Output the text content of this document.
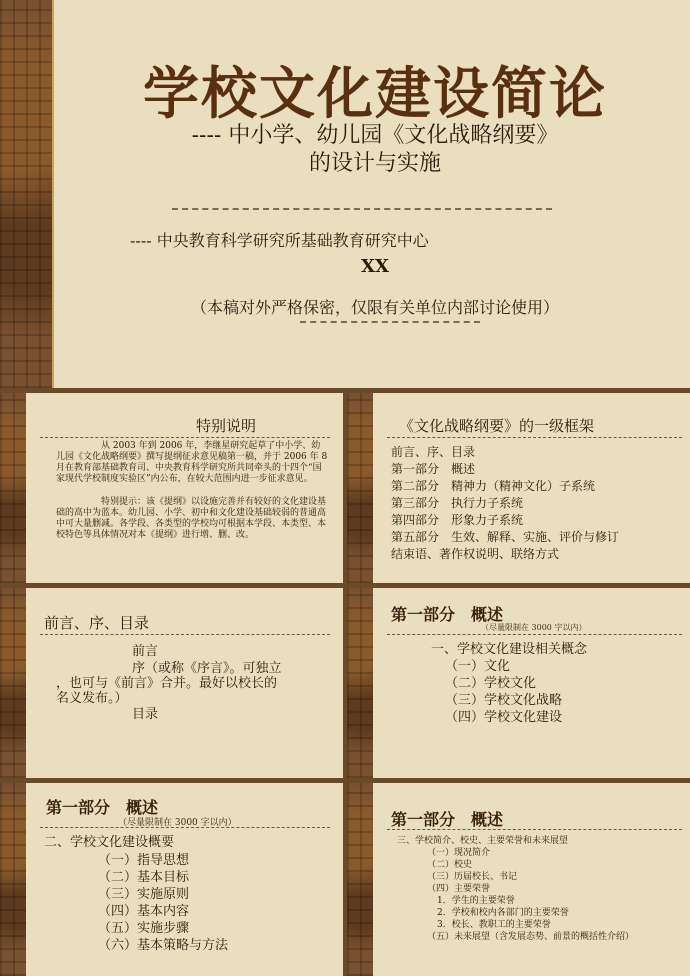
学校文化建设简论
---- 中小学、幼儿园《文化战略纲要》
的设计与实施
---- 中央教育科学研究所基础教育研究中心
XX
（本稿对外严格保密，仅限有关单位内部讨论使用）
特别说明
从 2003 年到 2006 年，李继星研究起草了中小学、幼儿园《文化战略纲要》撰写提纲征求意见稿第一稿，并于 2006 年 8 月在教育部基础教育司、中央教育科学研究所共同牵头的十四个“国家现代学校制度实验区”内公布，在较大范围内进一步征求意见。
特别提示：该《提纲》以设施完善并有较好的文化建设基础的高中为蓝本。幼儿园、小学、初中和文化建设基础较弱的普通高中可大量删减。各学段、各类型的学校均可根据本学段、本类型、本校特色等具体情况对本《提纲》进行增、删、改。
《文化战略纲要》的一级框架
前言、序、目录
第一部分　概述
第二部分　精神力（精神文化）子系统
第三部分　执行力子系统
第四部分　形象力子系统
第五部分　生效、解释、实施、评价与修订
结束语、著作权说明、联络方式
前言、序、目录
前言
序（或称《序言》。可独立
，也可与《前言》合并。最好以校长的
名义发布。）
目录
第一部分　概述
（尽量限制在 3000 字以内）
一、学校文化建设相关概念
（一）文化
（二）学校文化
（三）学校文化战略
（四）学校文化建设
第一部分　概述
（尽量限制在 3000 字以内）
二、学校文化建设概要
（一）指导思想
（二）基本目标
（三）实施原则
（四）基本内容
（五）实施步骤
（六）基本策略与方法
第一部分　概述
三、学校简介、校史、主要荣誉和未来展望
（一）现况简介
（二）校史
（三）历届校长、书记
（四）主要荣誉
1．学生的主要荣誉
2．学校和校内各部门的主要荣誉
3．校长、教职工的主要荣誉
（五）未来展望（含发展态势、前景的概括性介绍）
